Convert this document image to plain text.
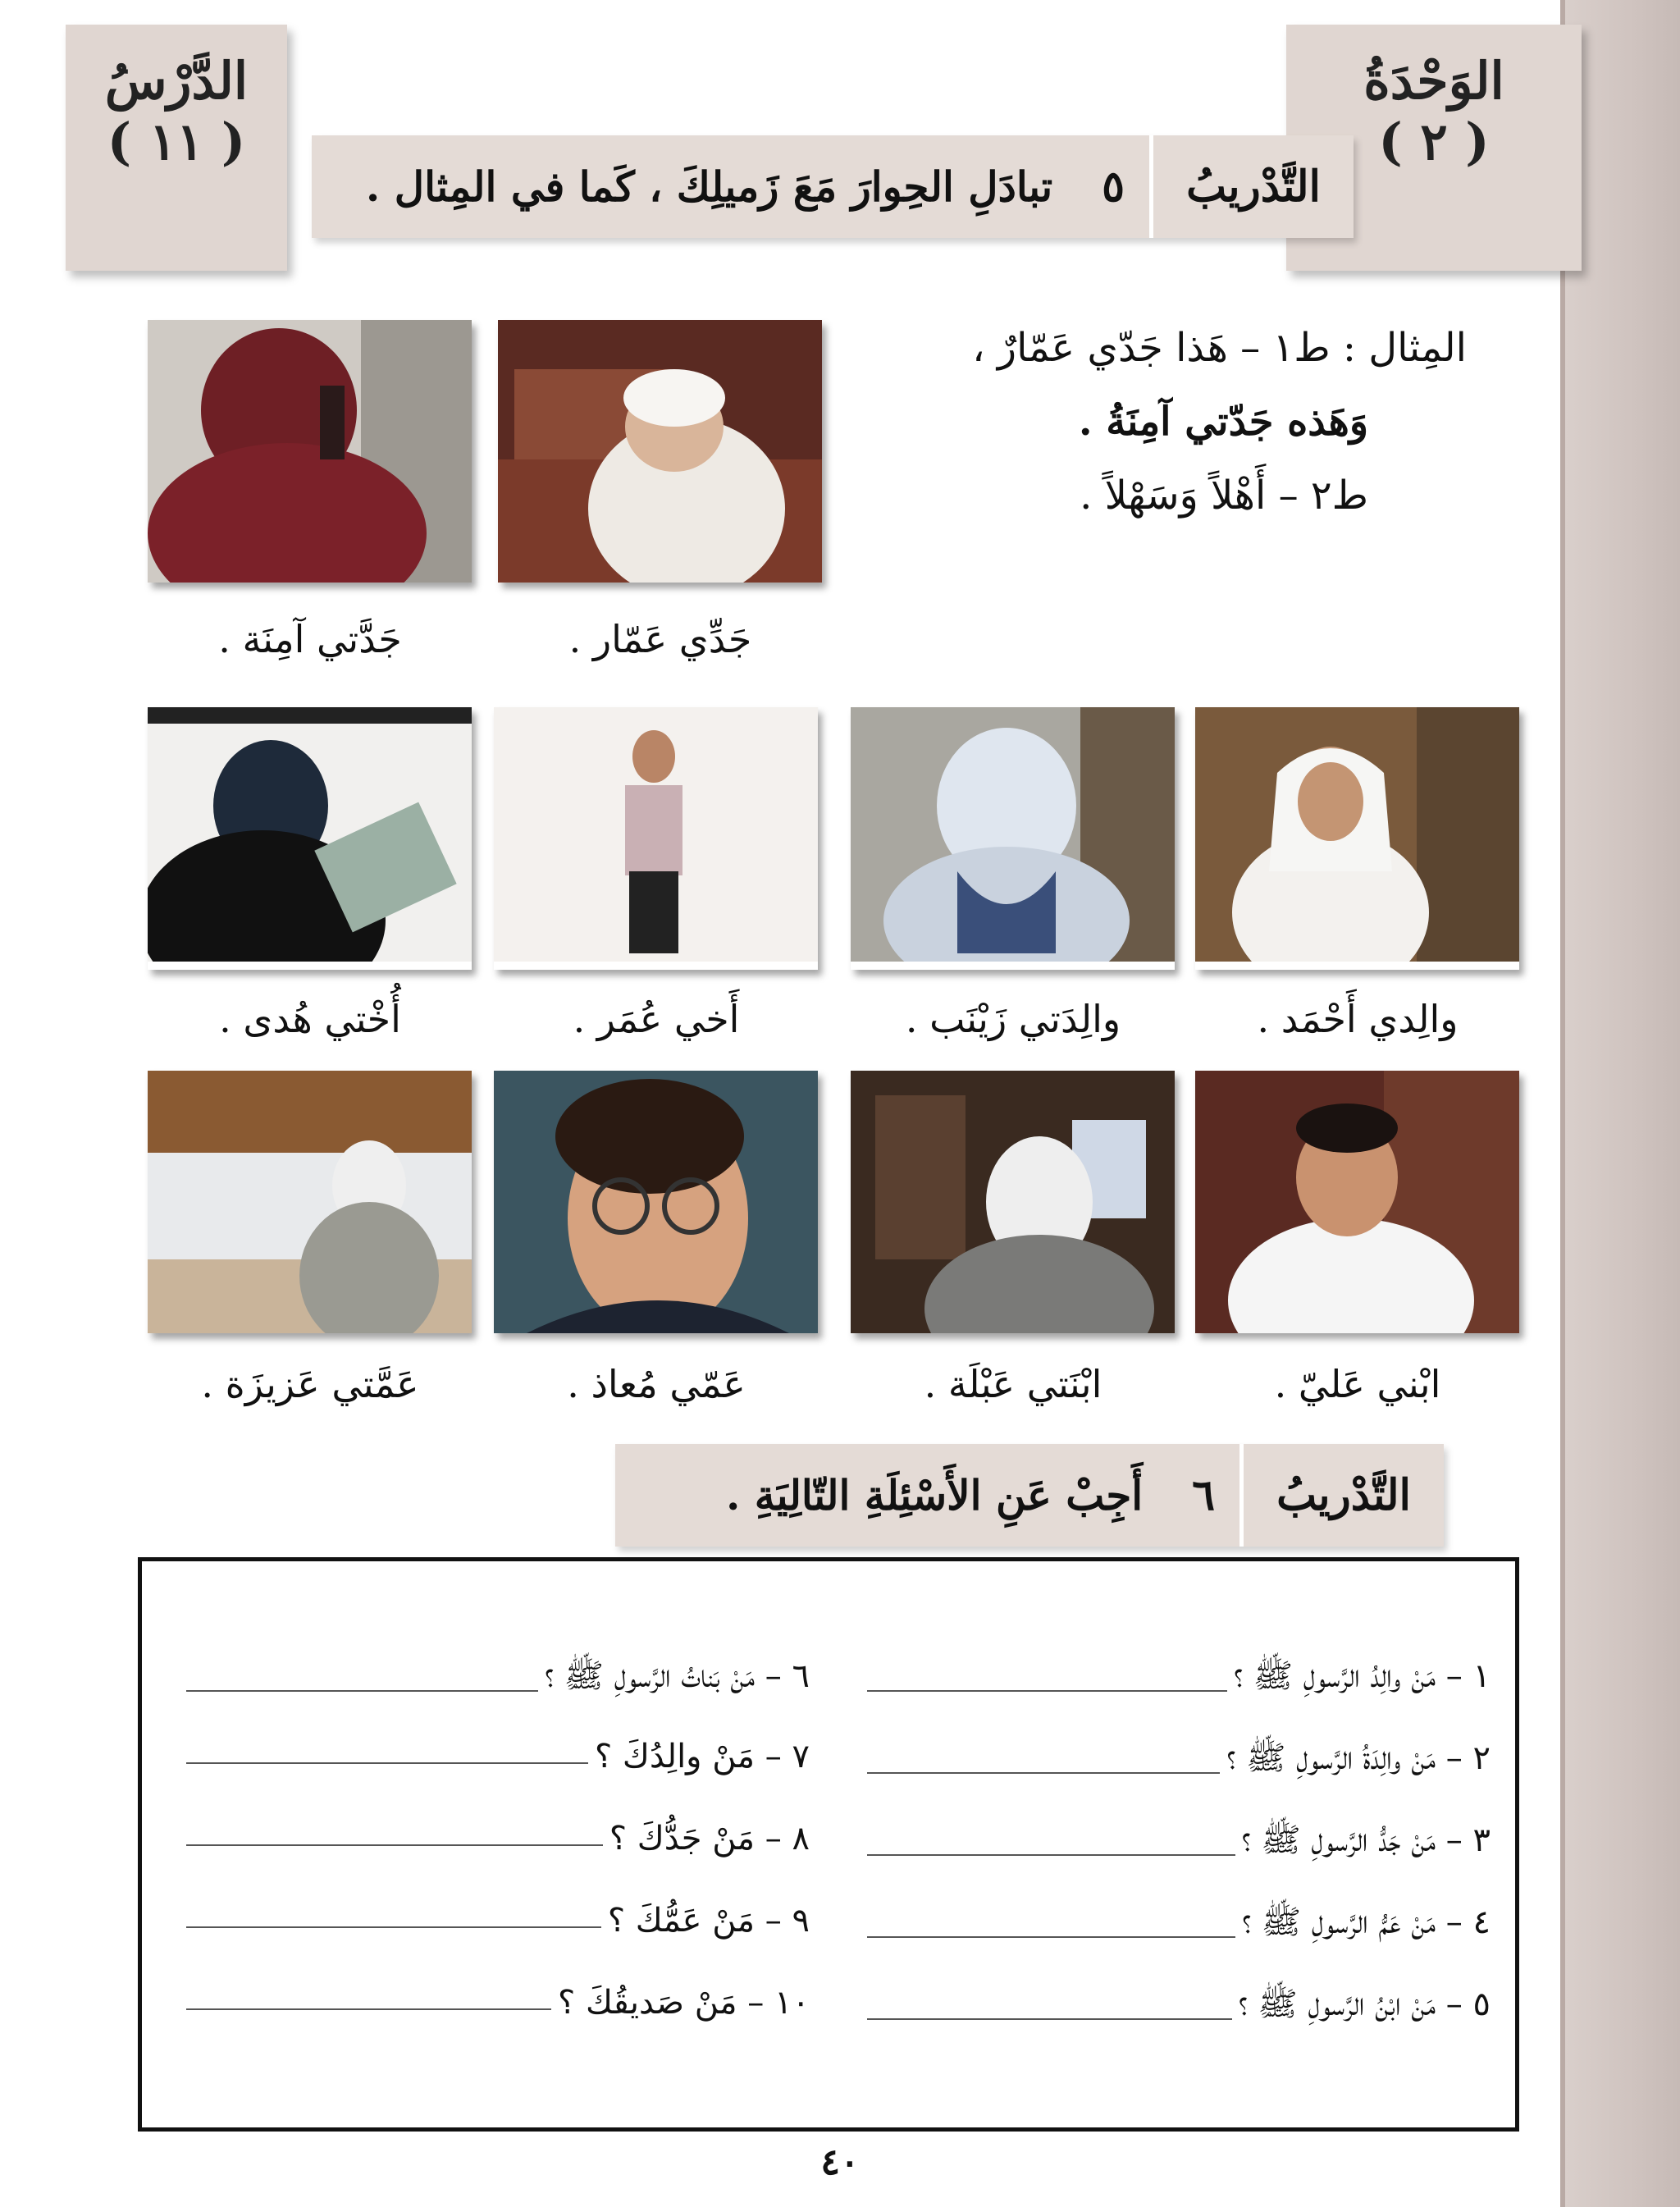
الوَحْدَةُ
( ٢ )
الدَّرْسُ
( ١١ )
التَّدْريبُ
٥
تبادَلِ الحِوارَ مَعَ زَميلِكَ ، كَما في المِثال .
المِثال : ط١ – هَذا جَدّي عَمّارٌ ،
وَهَذه جَدّتي آمِنَةُ .
ط٢ – أَهْلاً وَسَهْلاً .
جَدِّي عَمّار .
جَدَّتي آمِنَة .
والِدي أَحْمَد .
والِدَتي زَيْنَب .
أَخي عُمَر .
أُخْتي هُدى .
ابْني عَليّ .
ابْنَتي عَبْلَة .
عَمّي مُعاذ .
عَمَّتي عَزيزَة .
التَّدْريبُ
٦
أَجِبْ عَنِ الأَسْئِلَةِ التّالِيَةِ .
١ – مَنْ والِدُ الرَّسولِ ﷺ ؟
٢ – مَنْ والِدَةُ الرَّسولِ ﷺ ؟
٣ – مَنْ جَدُّ الرَّسولِ ﷺ ؟
٤ – مَنْ عَمُّ الرَّسولِ ﷺ ؟
٥ – مَنْ ابْنُ الرَّسولِ ﷺ ؟
٦ – مَنْ بَناتُ الرَّسولِ ﷺ ؟
٧ – مَنْ والِدُكَ ؟
٨ – مَنْ جَدُّكَ ؟
٩ – مَنْ عَمُّكَ ؟
١٠ – مَنْ صَديقُكَ ؟
٤٠
